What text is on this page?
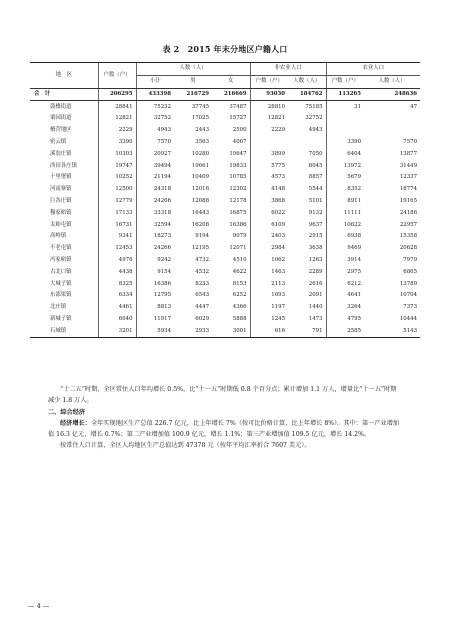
表 2　2015 年末分地区户籍人口
地　区	户数（户）	人数（人）			非农业人口		农业人口		
		小计	男	女	户数（户）	人数（人）	户数（户）	人数（人）	
合　计	206295	433398	216729	216669	93030	184762	113265	248636	
鼓楼街道	28841	75232	37745	37487	28810	75185	31	47	
栗园街道	12821	32752	17025	15727	12821	32752			
檀营地区	2229	4943	2443	2500	2229	4943			
密云镇	3390	7570	3563	4007			3390	7570	
溪翁庄镇	10303	20927	10280	10647	3899	7050	6404	13877	
西田各庄镇	19747	39494	19661	19833	5775	8045	13972	31449	
十里堡镇	10252	21194	10409	10785	4573	8857	5679	12337	
河南寨镇	12500	24318	12016	12302	4148	5544	8352	18774	
巨各庄镇	12779	24266	12088	12178	3868	5101	8911	19165	
穆家峪镇	17133	33318	16443	16875	6022	9132	11111	24186	
太师屯镇	16731	32594	16208	16386	6109	9637	10622	22957	
高岭镇	9341	18273	9194	9079	2403	2915	6938	15358	
不老屯镇	12453	24266	12195	12071	2984	3638	9469	20628	
冯家峪镇	4976	9242	4732	4510	1062	1263	3914	7979	
古北口镇	4438	9154	4532	4622	1463	2289	2975	6865	
大城子镇	8325	16386	8233	8153	2113	2616	6212	13780	
东邵渠镇	6334	12795	6543	6252	1693	2091	4641	10704	
北庄镇	4461	8813	4447	4366	1197	1440	3264	7373	
新城子镇	6040	11917	6029	5888	1245	1473	4795	10444	
石城镇	3201	5934	2933	3001	616	791	2585	5143	

“十二五”时期，全区常住人口年均增长 0.5%，比“十一五”时期低 0.8 个百分点；累计增加 1.1 万人，增量比“十一五”时期减少 1.8 万人。

二、综合经济

经济增长：全年实现地区生产总值 226.7 亿元，比上年增长 7%（按可比价格计算，比上年增长 8%）。其中：第一产业增加值 16.3 亿元，增长 0.7%；第二产业增加值 100.9 亿元，增长 1.1%；第三产业增加值 109.5 亿元，增长 14.2%。

按常住人口计算，全区人均地区生产总值达到 47378 元（按年平均汇率折合 7607 美元）。

— 4 —
